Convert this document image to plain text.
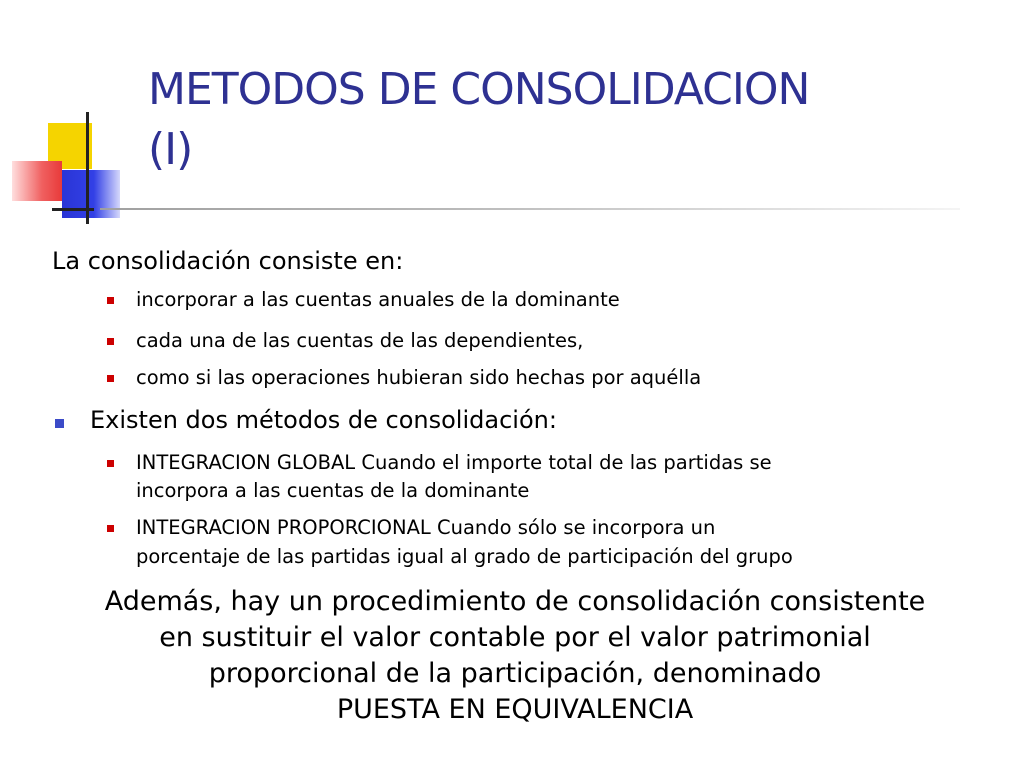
METODOS DE CONSOLIDACION
(I)
La consolidación consiste en:
incorporar a las cuentas anuales de la dominante
cada una de las cuentas de las dependientes,
como si las operaciones hubieran sido hechas por aquélla
Existen dos métodos de consolidación:
INTEGRACION GLOBAL Cuando el importe total de las partidas se
incorpora a las cuentas de la dominante
INTEGRACION PROPORCIONAL Cuando sólo se incorpora un
porcentaje de las partidas igual al grado de participación del grupo

Además, hay un procedimiento de consolidación consistente
en sustituir el valor contable por el valor patrimonial
proporcional de la participación, denominado
PUESTA EN EQUIVALENCIA
